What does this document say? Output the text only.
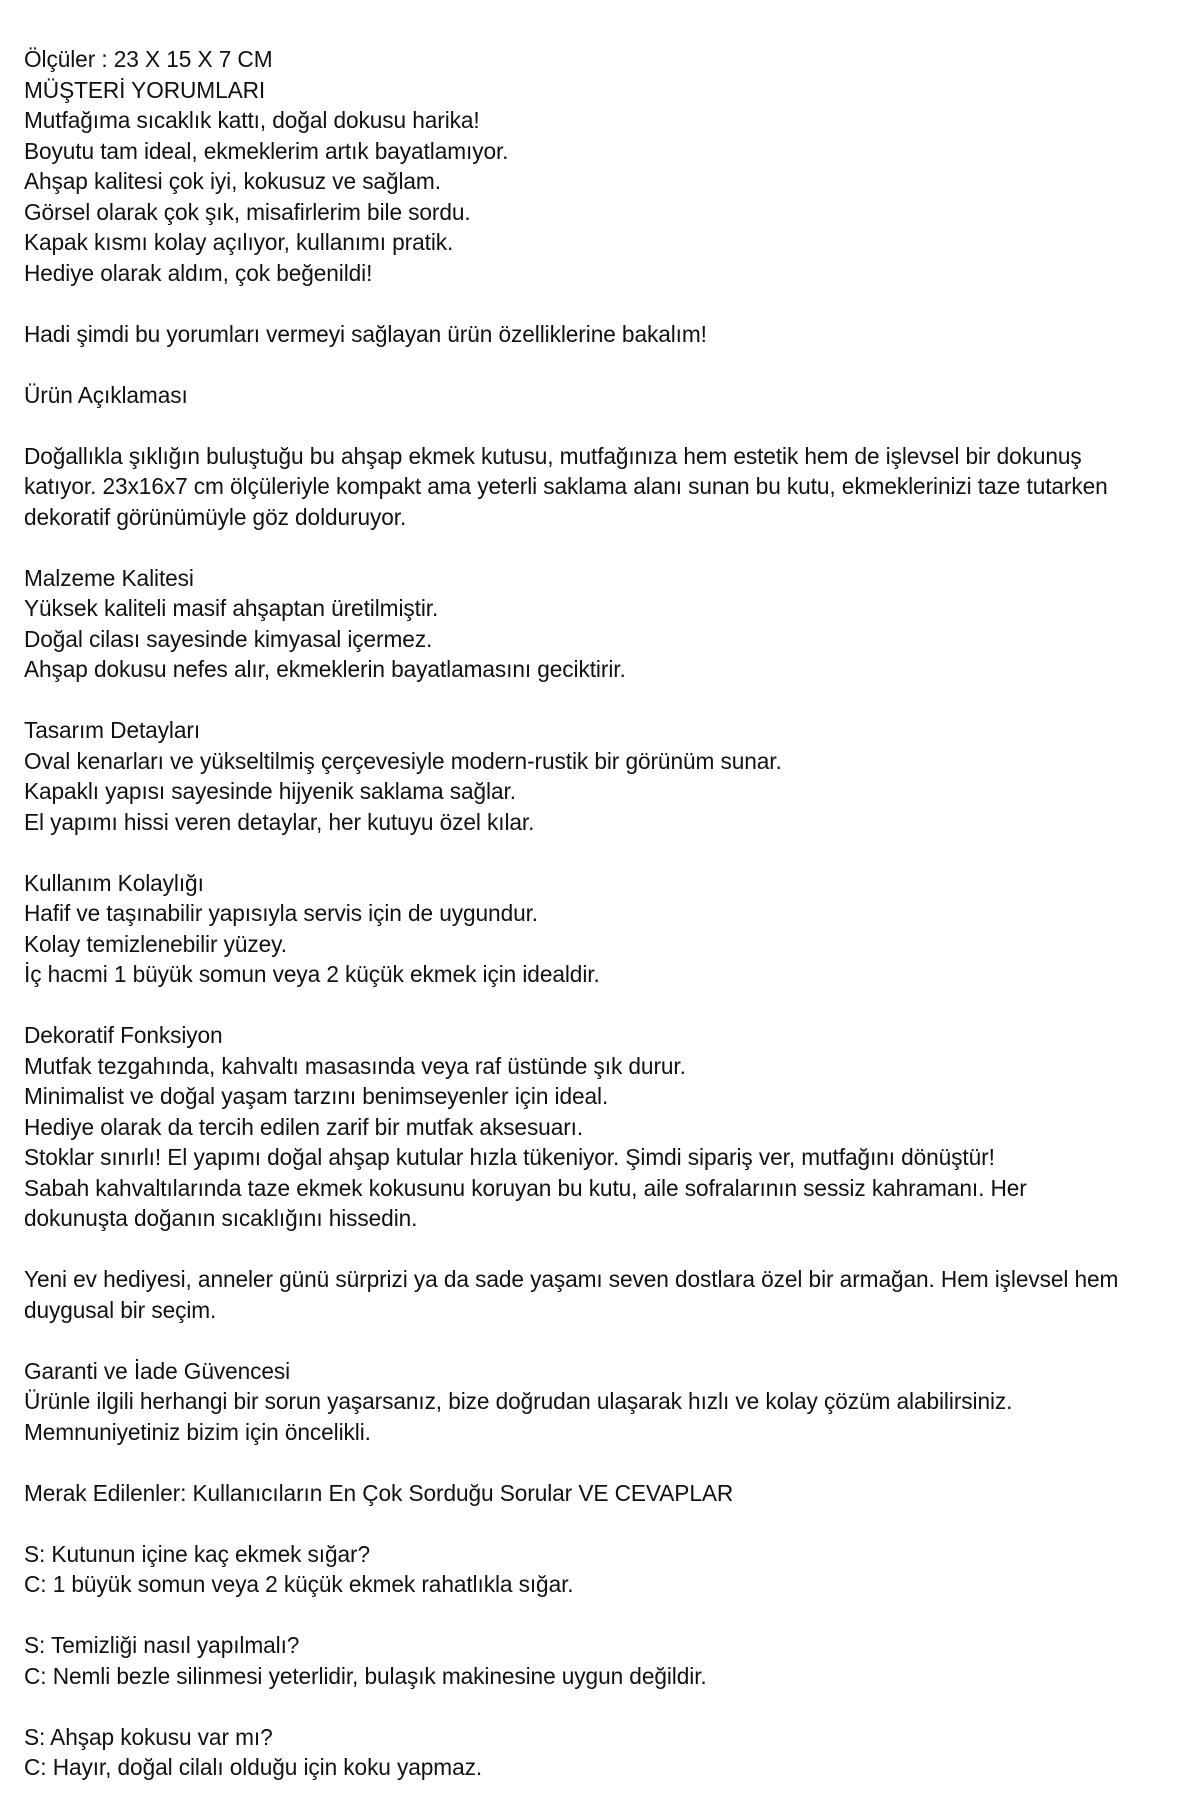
Ölçüler : 23 X 15 X 7 CM

MÜŞTERİ YORUMLARI

Mutfağıma sıcaklık kattı, doğal dokusu harika!

Boyutu tam ideal, ekmeklerim artık bayatlamıyor.

Ahşap kalitesi çok iyi, kokusuz ve sağlam.

Görsel olarak çok şık, misafirlerim bile sordu.

Kapak kısmı kolay açılıyor, kullanımı pratik.

Hediye olarak aldım, çok beğenildi!

Hadi şimdi bu yorumları vermeyi sağlayan ürün özelliklerine bakalım!

Ürün Açıklaması

Doğallıkla şıklığın buluştuğu bu ahşap ekmek kutusu, mutfağınıza hem estetik hem de işlevsel bir dokunuş katıyor. 23x16x7 cm ölçüleriyle kompakt ama yeterli saklama alanı sunan bu kutu, ekmeklerinizi taze tutarken dekoratif görünümüyle göz dolduruyor.

Malzeme Kalitesi

Yüksek kaliteli masif ahşaptan üretilmiştir.

Doğal cilası sayesinde kimyasal içermez.

Ahşap dokusu nefes alır, ekmeklerin bayatlamasını geciktirir.

Tasarım Detayları

Oval kenarları ve yükseltilmiş çerçevesiyle modern-rustik bir görünüm sunar.

Kapaklı yapısı sayesinde hijyenik saklama sağlar.

El yapımı hissi veren detaylar, her kutuyu özel kılar.

Kullanım Kolaylığı

Hafif ve taşınabilir yapısıyla servis için de uygundur.

Kolay temizlenebilir yüzey.

İç hacmi 1 büyük somun veya 2 küçük ekmek için idealdir.

Dekoratif Fonksiyon

Mutfak tezgahında, kahvaltı masasında veya raf üstünde şık durur.

Minimalist ve doğal yaşam tarzını benimseyenler için ideal.

Hediye olarak da tercih edilen zarif bir mutfak aksesuarı.

Stoklar sınırlı! El yapımı doğal ahşap kutular hızla tükeniyor. Şimdi sipariş ver, mutfağını dönüştür!

Sabah kahvaltılarında taze ekmek kokusunu koruyan bu kutu, aile sofralarının sessiz kahramanı. Her dokunuşta doğanın sıcaklığını hissedin.

Yeni ev hediyesi, anneler günü sürprizi ya da sade yaşamı seven dostlara özel bir armağan. Hem işlevsel hem duygusal bir seçim.

Garanti ve İade Güvencesi

Ürünle ilgili herhangi bir sorun yaşarsanız, bize doğrudan ulaşarak hızlı ve kolay çözüm alabilirsiniz. Memnuniyetiniz bizim için öncelikli.

Merak Edilenler: Kullanıcıların En Çok Sorduğu Sorular VE CEVAPLAR

S: Kutunun içine kaç ekmek sığar?

C: 1 büyük somun veya 2 küçük ekmek rahatlıkla sığar.

S: Temizliği nasıl yapılmalı?

C: Nemli bezle silinmesi yeterlidir, bulaşık makinesine uygun değildir.

S: Ahşap kokusu var mı?

C: Hayır, doğal cilalı olduğu için koku yapmaz.
